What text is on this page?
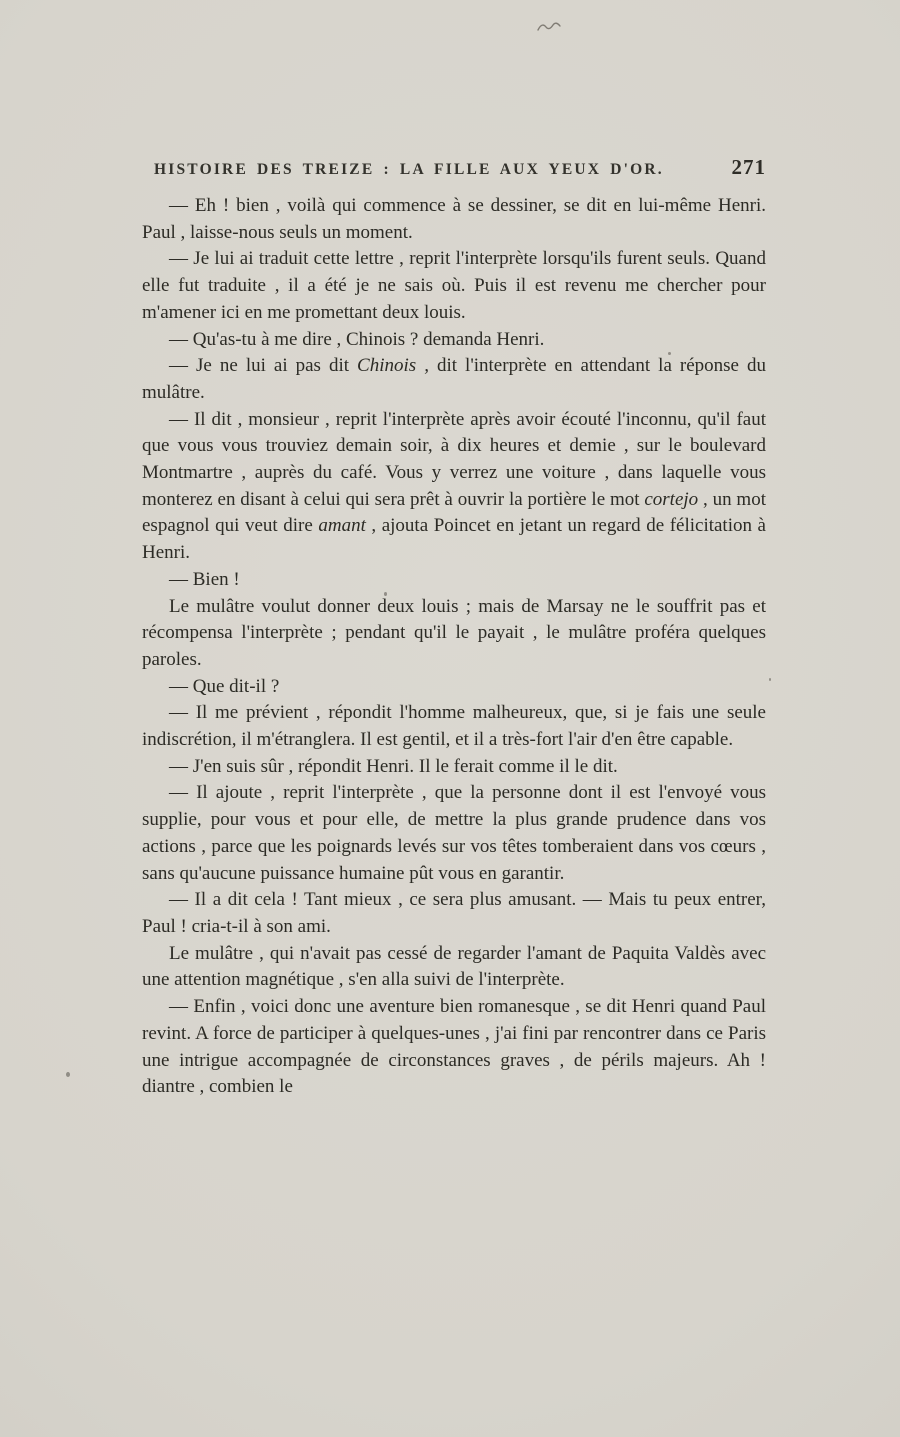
HISTOIRE DES TREIZE : LA FILLE AUX YEUX D'OR.	271

— Eh ! bien , voilà qui commence à se dessiner, se dit en lui-même Henri. Paul , laisse-nous seuls un moment.

— Je lui ai traduit cette lettre , reprit l'interprète lorsqu'ils furent seuls. Quand elle fut traduite , il a été je ne sais où. Puis il est revenu me chercher pour m'amener ici en me promettant deux louis.

— Qu'as-tu à me dire , Chinois ? demanda Henri.

— Je ne lui ai pas dit Chinois , dit l'interprète en attendant la réponse du mulâtre.

— Il dit , monsieur , reprit l'interprète après avoir écouté l'inconnu, qu'il faut que vous vous trouviez demain soir, à dix heures et demie , sur le boulevard Montmartre , auprès du café. Vous y verrez une voiture , dans laquelle vous monterez en disant à celui qui sera prêt à ouvrir la portière le mot cortejo , un mot espagnol qui veut dire amant , ajouta Poincet en jetant un regard de félicitation à Henri.

— Bien !

Le mulâtre voulut donner deux louis ; mais de Marsay ne le souffrit pas et récompensa l'interprète ; pendant qu'il le payait , le mulâtre proféra quelques paroles.

— Que dit-il ?

— Il me prévient , répondit l'homme malheureux, que, si je fais une seule indiscrétion, il m'étranglera. Il est gentil, et il a très-fort l'air d'en être capable.

— J'en suis sûr , répondit Henri. Il le ferait comme il le dit.

— Il ajoute , reprit l'interprète , que la personne dont il est l'envoyé vous supplie, pour vous et pour elle, de mettre la plus grande prudence dans vos actions , parce que les poignards levés sur vos têtes tomberaient dans vos cœurs , sans qu'aucune puissance humaine pût vous en garantir.

— Il a dit cela ! Tant mieux , ce sera plus amusant. — Mais tu peux entrer, Paul ! cria-t-il à son ami.

Le mulâtre , qui n'avait pas cessé de regarder l'amant de Paquita Valdès avec une attention magnétique , s'en alla suivi de l'interprète.

— Enfin , voici donc une aventure bien romanesque , se dit Henri quand Paul revint. A force de participer à quelques-unes , j'ai fini par rencontrer dans ce Paris une intrigue accompagnée de circonstances graves , de périls majeurs. Ah ! diantre , combien le
